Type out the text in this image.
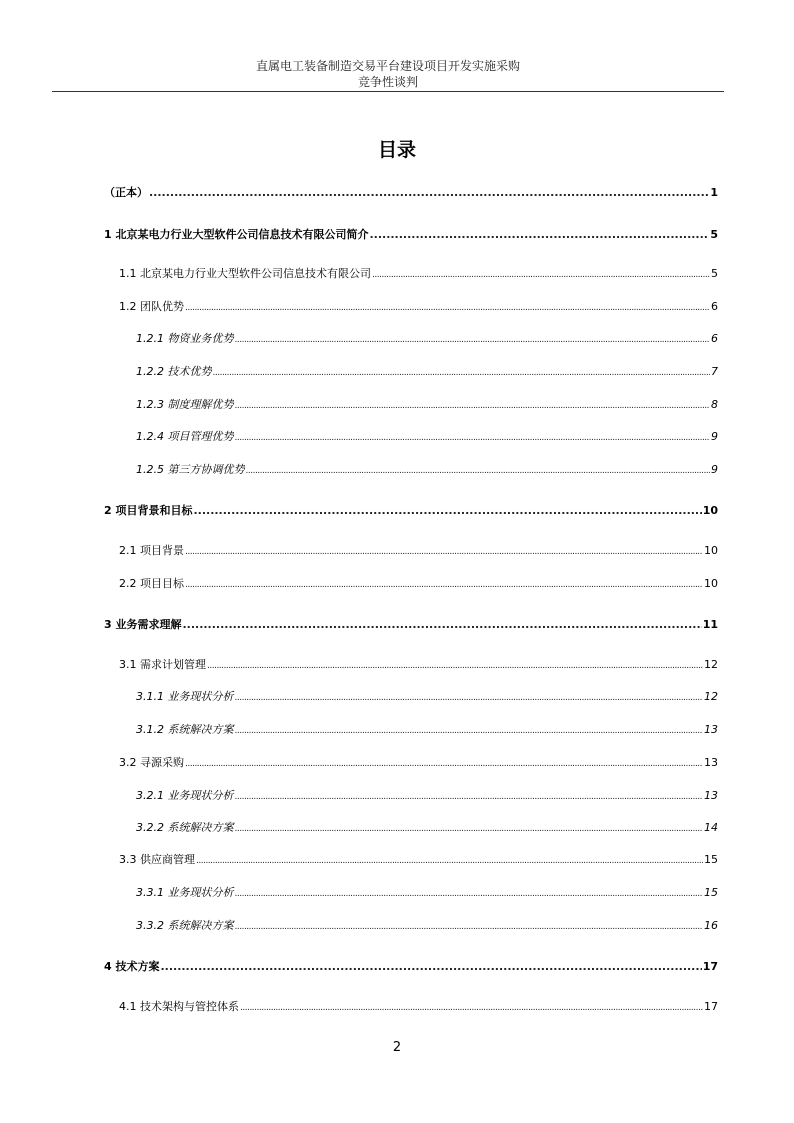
直属电工装备制造交易平台建设项目开发实施采购
竞争性谈判
目录
（正本） .....	1
1 北京某电力行业大型软件公司信息技术有限公司简介 .....	5
1.1 北京某电力行业大型软件公司信息技术有限公司 .....	5
1.2 团队优势 .....	6
1.2.1 物资业务优势 .....	6
1.2.2 技术优势 .....	7
1.2.3 制度理解优势 .....	8
1.2.4 项目管理优势 .....	9
1.2.5 第三方协调优势 .....	9
2 项目背景和目标 .....	10
2.1 项目背景 .....	10
2.2 项目目标 .....	10
3 业务需求理解 .....	11
3.1 需求计划管理 .....	12
3.1.1 业务现状分析 .....	12
3.1.2 系统解决方案 .....	13
3.2 寻源采购 .....	13
3.2.1 业务现状分析 .....	13
3.2.2 系统解决方案 .....	14
3.3 供应商管理 .....	15
3.3.1 业务现状分析 .....	15
3.3.2 系统解决方案 .....	16
4 技术方案 .....	17
4.1 技术架构与管控体系 .....	17
2
